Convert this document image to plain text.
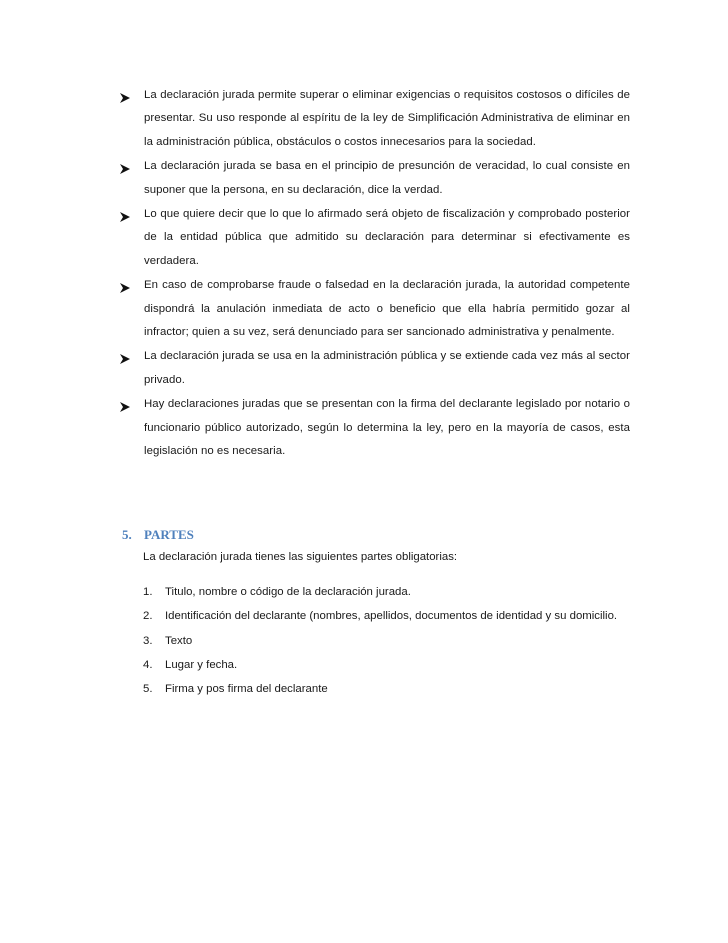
La declaración jurada permite superar o eliminar exigencias o requisitos costosos o difíciles de presentar. Su uso responde al espíritu de la ley de Simplificación Administrativa de eliminar en la administración pública, obstáculos o costos innecesarios para la sociedad.
La declaración jurada se basa en el principio de presunción de veracidad, lo cual consiste en suponer que la persona, en su declaración, dice la verdad.
Lo que quiere decir que lo que lo afirmado será objeto de fiscalización y comprobado posterior de la entidad pública que admitido su declaración para determinar si efectivamente es verdadera.
En caso de comprobarse fraude o falsedad en la declaración jurada, la autoridad competente dispondrá la anulación inmediata de acto o beneficio que ella habría permitido gozar al infractor; quien a su vez, será denunciado para ser sancionado administrativa y penalmente.
La declaración jurada se usa en la administración pública y se extiende cada vez más al sector privado.
Hay declaraciones juradas que se presentan con la firma del declarante legislado por notario o funcionario público autorizado, según lo determina la ley, pero en la mayoría de casos, esta legislación no es necesaria.
5. PARTES

La declaración jurada tienes las siguientes partes obligatorias:

1. Titulo, nombre o código de la declaración jurada.
2. Identificación del declarante (nombres, apellidos, documentos de identidad y su domicilio.
3. Texto
4. Lugar y fecha.
5. Firma y pos firma del declarante
